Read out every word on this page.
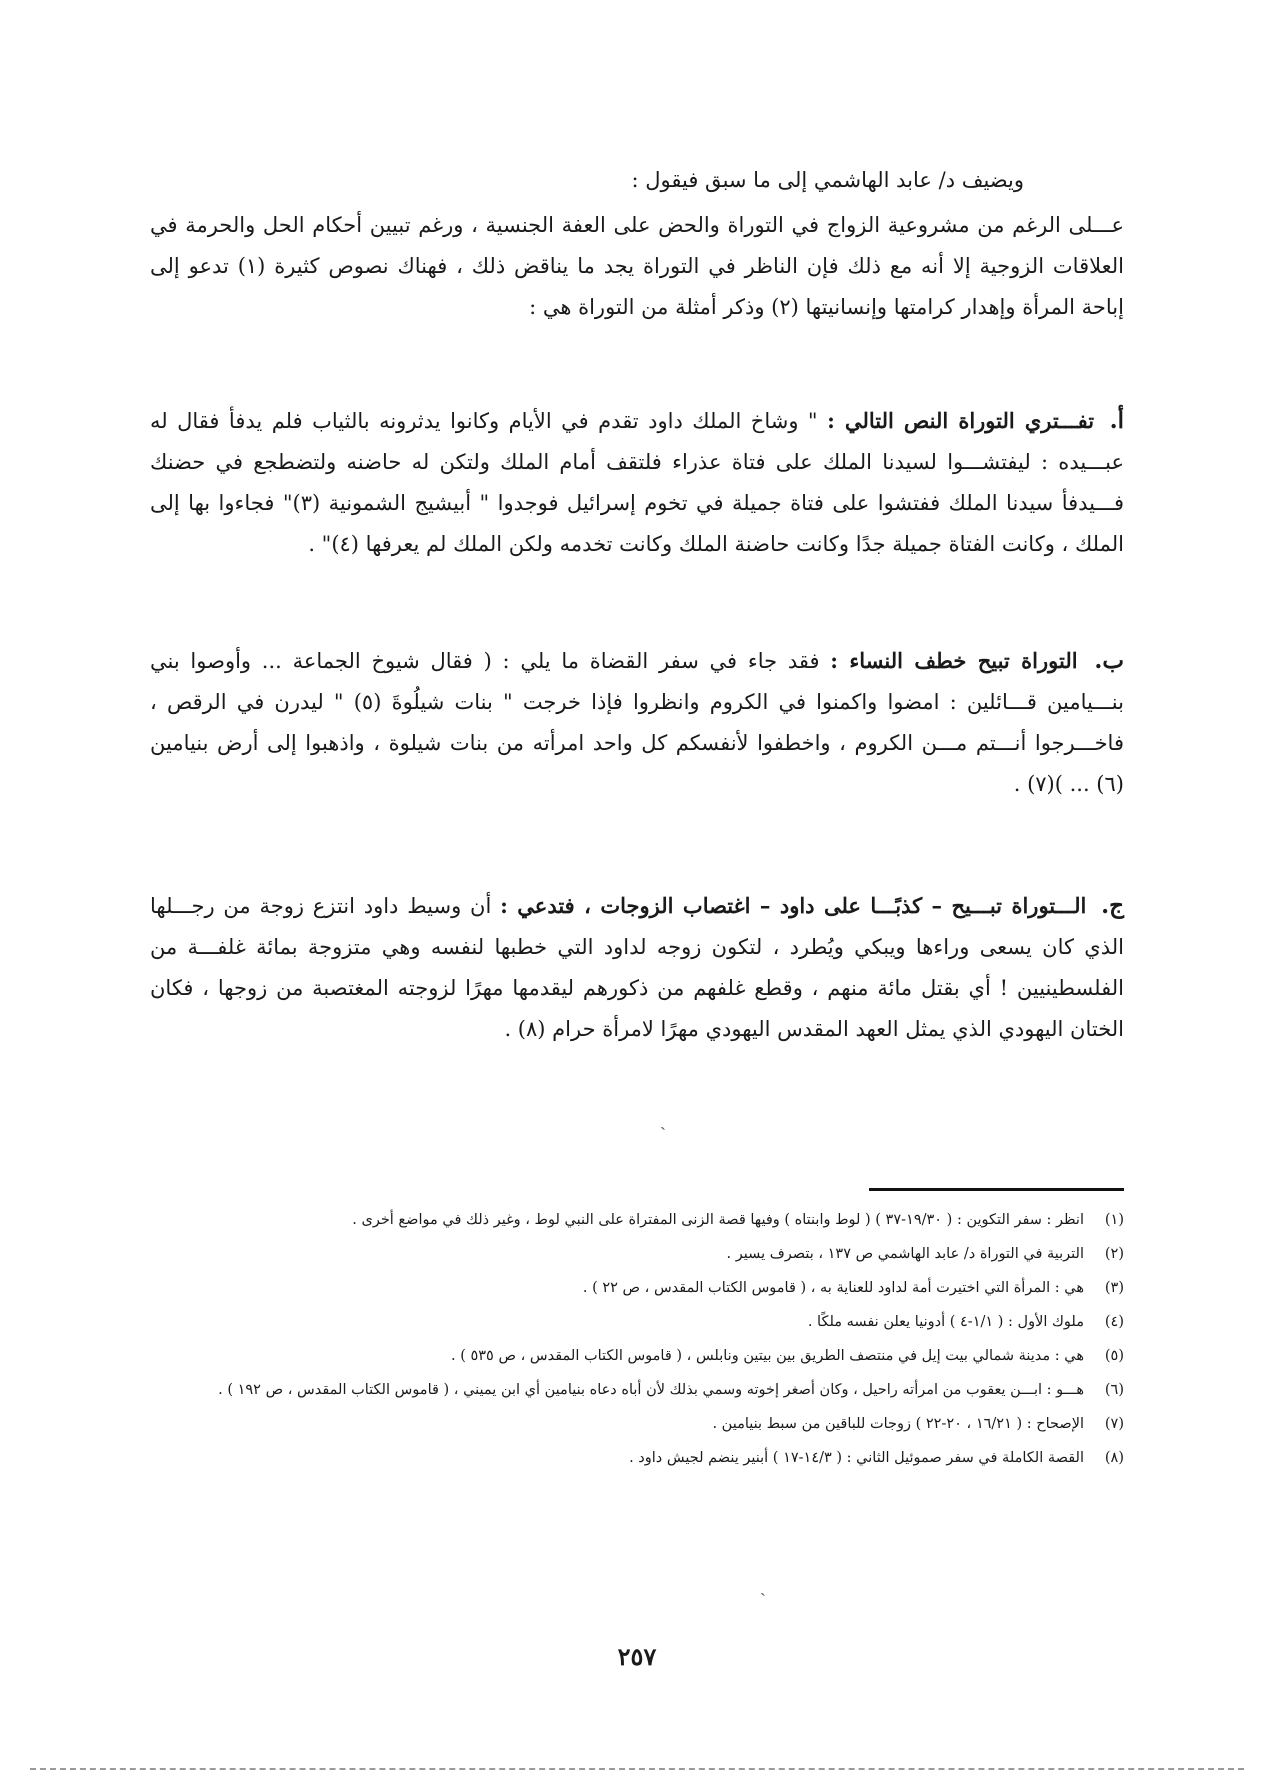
ويضيف د/ عابد الهاشمي إلى ما سبق فيقول :

عـــلى الرغم من مشروعية الزواج في التوراة والحض على العفة الجنسية ، ورغم تبيين أحكام الحل والحرمة في العلاقات الزوجية إلا أنه مع ذلك فإن الناظر في التوراة يجد ما يناقض ذلك ، فهناك نصوص كثيرة (١) تدعو إلى إباحة المرأة وإهدار كرامتها وإنسانيتها (٢) وذكر أمثلة من التوراة هي :

أ. تفـــتري التوراة النص التالي : " وشاخ الملك داود تقدم في الأيام وكانوا يدثرونه بالثياب فلم يدفأ فقال له عبـــيده : ليفتشـــوا لسيدنا الملك على فتاة عذراء فلتقف أمام الملك ولتكن له حاضنه ولتضطجع في حضنك فـــيدفأ سيدنا الملك ففتشوا على فتاة جميلة في تخوم إسرائيل فوجدوا " أبيشيج الشمونية (٣)" فجاءوا بها إلى الملك ، وكانت الفتاة جميلة جدًا وكانت حاضنة الملك وكانت تخدمه ولكن الملك لم يعرفها (٤)" .

ب. التوراة تبيح خطف النساء : فقد جاء في سفر القضاة ما يلي : ( فقال شيوخ الجماعة ... وأوصوا بني بنـــيامين قـــائلين : امضوا واكمنوا في الكروم وانظروا فإذا خرجت " بنات شيلُوةَ (٥) " ليدرن في الرقص ، فاخـــرجوا أنـــتم مـــن الكروم ، واخطفوا لأنفسكم كل واحد امرأته من بنات شيلوة ، واذهبوا إلى أرض بنيامين (٦) ... )(٧) .

ج. الـــتوراة تبـــيح – كذبًـــا على داود – اغتصاب الزوجات ، فتدعي : أن وسيط داود انتزع زوجة من رجـــلها الذي كان يسعى وراءها ويبكي ويُطرد ، لتكون زوجه لداود التي خطبها لنفسه وهي متزوجة بمائة غلفـــة من الفلسطينيين ! أي بقتل مائة منهم ، وقطع غلفهم من ذكورهم ليقدمها مهرًا لزوجته المغتصبة من زوجها ، فكان الختان اليهودي الذي يمثل العهد المقدس اليهودي مهرًا لامرأة حرام (٨) .

ˎ
(١)
انظر : سفر التكوين : ( ١٩/٣٠-٣٧ ) ( لوط وابنتاه ) وفيها قصة الزنى المفتراة على النبي لوط ، وغير ذلك في مواضع أخرى .
(٢)
التربية في التوراة د/ عابد الهاشمي ص ١٣٧ ، بتصرف يسير .
(٣)
هي : المرأة التي اختيرت أمة لداود للعناية به ، ( قاموس الكتاب المقدس ، ص ٢٢ ) .
(٤)
ملوك الأول : ( ١/١-٤ ) أدونيا يعلن نفسه ملكًا .
(٥)
هي : مدينة شمالي بيت إيل في منتصف الطريق بين بيتين ونابلس ، ( قاموس الكتاب المقدس ، ص ٥٣٥ ) .
(٦)
هـــو : ابـــن يعقوب من امرأته راحيل ، وكان أصغر إخوته وسمي بذلك لأن أباه دعاه بنيامين أي ابن يميني ، ( قاموس الكتاب المقدس ، ص ١٩٢ ) .
(٧)
الإصحاح : ( ١٦/٢١ ، ٢٠-٢٢ ) زوجات للباقين من سبط بنيامين .
(٨)
القصة الكاملة في سفر صموئيل الثاني : ( ١٤/٣-١٧ ) أبنير ينضم لجيش داود .
ˎ
٢٥٧
